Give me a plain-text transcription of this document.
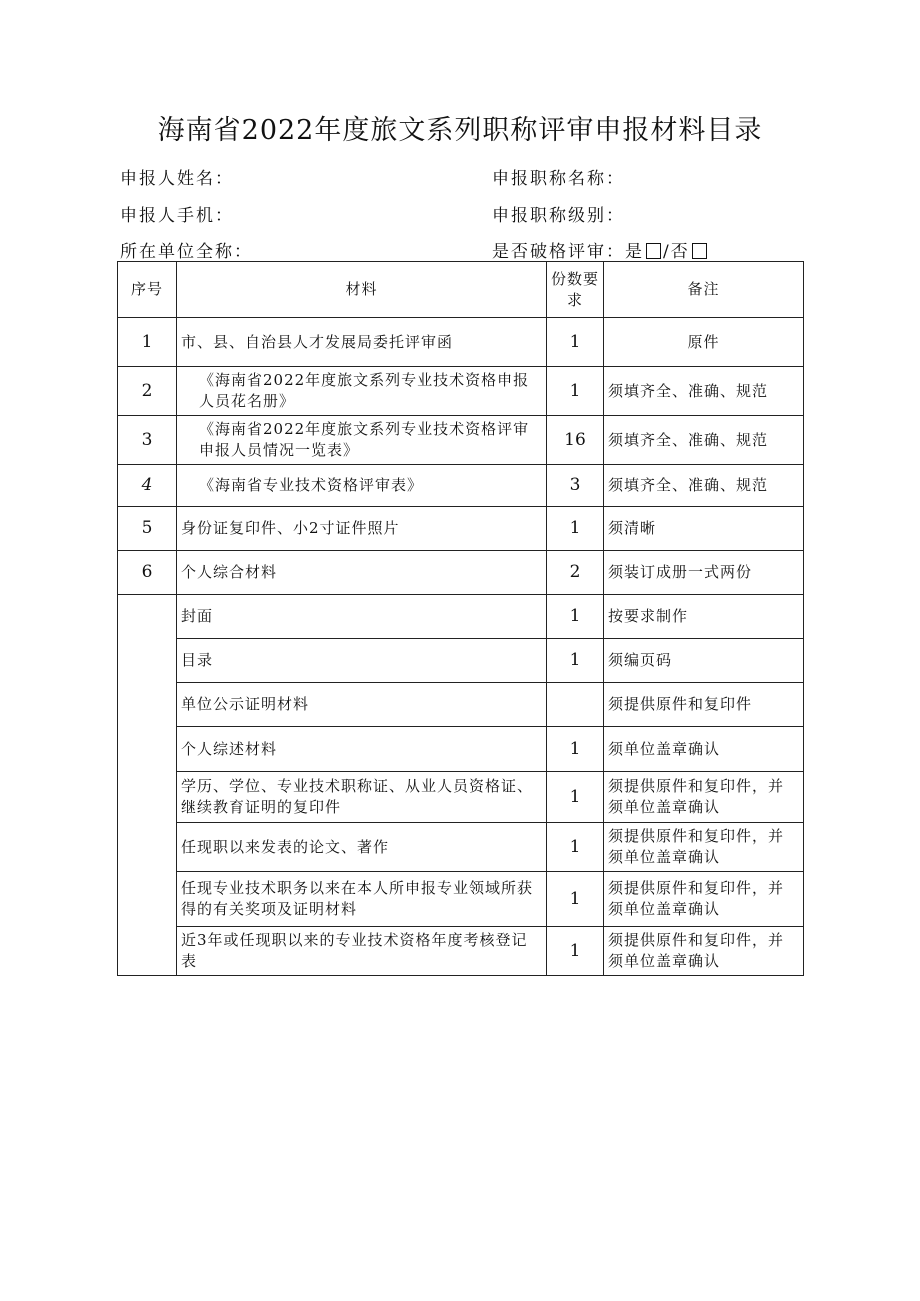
海南省2022年度旅文系列职称评审申报材料目录
申报人姓名：	申报职称名称：
申报人手机：	申报职称级别：
所在单位全称：	是否破格评审：是 /否
序号	材料	份数要求	备注
1	市、县、自治县人才发展局委托评审函	1	原件
2	《海南省2022年度旅文系列专业技术资格申报人员花名册》	1	须填齐全、准确、规范
3	《海南省2022年度旅文系列专业技术资格评审申报人员情况一览表》	16	须填齐全、准确、规范
4	《海南省专业技术资格评审表》	3	须填齐全、准确、规范
5	身份证复印件、小2寸证件照片	1	须清晰
6	个人综合材料	2	须装订成册一式两份
	封面	1	按要求制作
	目录	1	须编页码
	单位公示证明材料		须提供原件和复印件
	个人综述材料	1	须单位盖章确认
	学历、学位、专业技术职称证、从业人员资格证、继续教育证明的复印件	1	须提供原件和复印件，并须单位盖章确认
	任现职以来发表的论文、著作	1	须提供原件和复印件，并须单位盖章确认
	任现专业技术职务以来在本人所申报专业领域所获得的有关奖项及证明材料	1	须提供原件和复印件，并须单位盖章确认
	近3年或任现职以来的专业技术资格年度考核登记表	1	须提供原件和复印件，并须单位盖章确认
